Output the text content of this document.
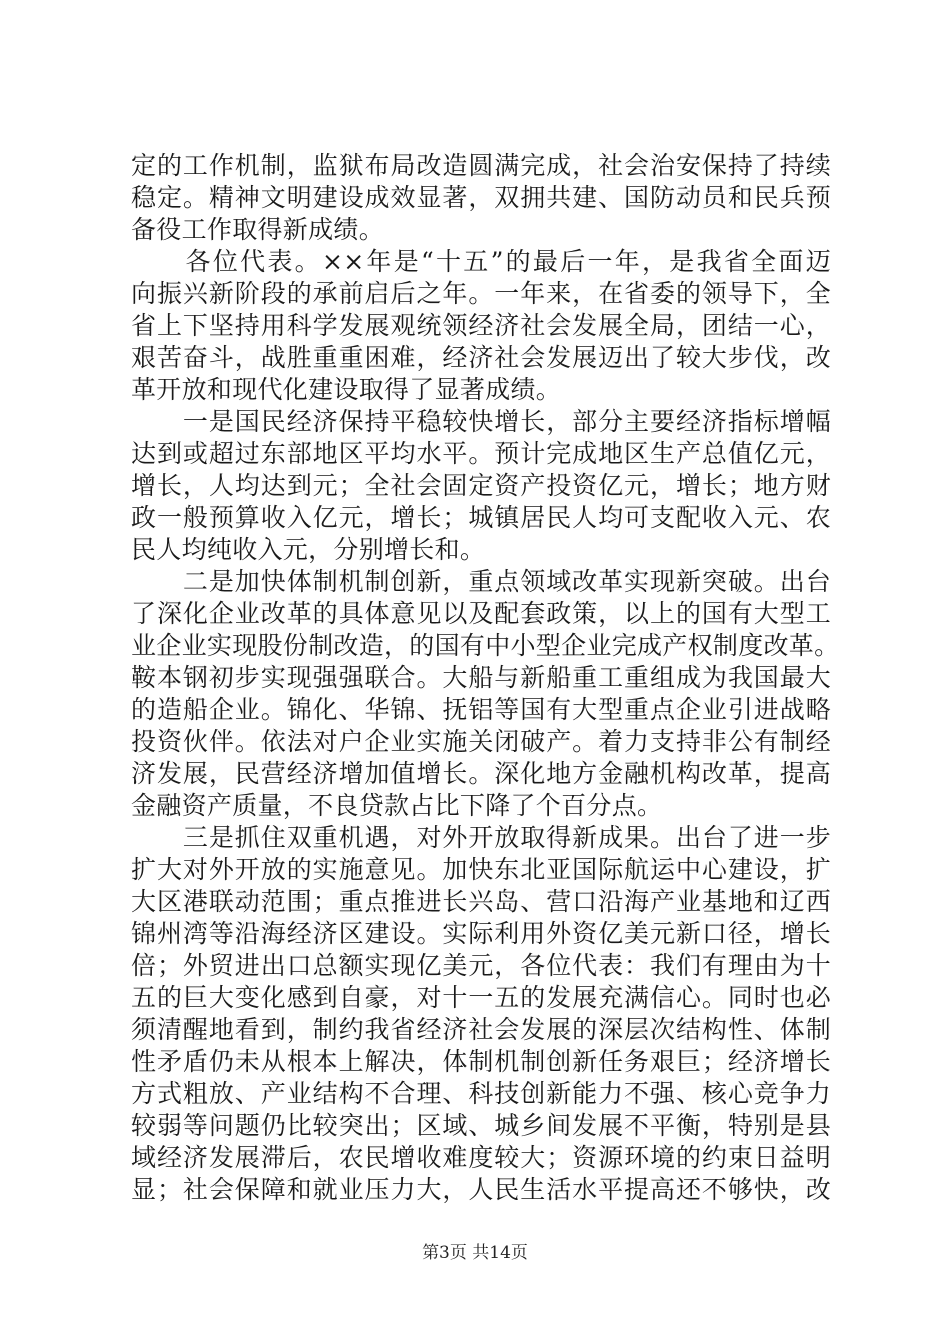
定的工作机制，监狱布局改造圆满完成，社会治安保持了持续
稳定。精神文明建设成效显著，双拥共建、国防动员和民兵预
备役工作取得新成绩。
　　各位代表。××年是“十五”的最后一年，是我省全面迈
向振兴新阶段的承前启后之年。一年来，在省委的领导下，全
省上下坚持用科学发展观统领经济社会发展全局，团结一心，
艰苦奋斗，战胜重重困难，经济社会发展迈出了较大步伐，改
革开放和现代化建设取得了显著成绩。
　　一是国民经济保持平稳较快增长，部分主要经济指标增幅
达到或超过东部地区平均水平。预计完成地区生产总值亿元，
增长，人均达到元；全社会固定资产投资亿元，增长；地方财
政一般预算收入亿元，增长；城镇居民人均可支配收入元、农
民人均纯收入元，分别增长和。
　　二是加快体制机制创新，重点领域改革实现新突破。出台
了深化企业改革的具体意见以及配套政策，以上的国有大型工
业企业实现股份制改造，的国有中小型企业完成产权制度改革。
鞍本钢初步实现强强联合。大船与新船重工重组成为我国最大
的造船企业。锦化、华锦、抚铝等国有大型重点企业引进战略
投资伙伴。依法对户企业实施关闭破产。着力支持非公有制经
济发展，民营经济增加值增长。深化地方金融机构改革，提高
金融资产质量，不良贷款占比下降了个百分点。
　　三是抓住双重机遇，对外开放取得新成果。出台了进一步
扩大对外开放的实施意见。加快东北亚国际航运中心建设，扩
大区港联动范围；重点推进长兴岛、营口沿海产业基地和辽西
锦州湾等沿海经济区建设。实际利用外资亿美元新口径，增长
倍；外贸进出口总额实现亿美元，各位代表：我们有理由为十
五的巨大变化感到自豪，对十一五的发展充满信心。同时也必
须清醒地看到，制约我省经济社会发展的深层次结构性、体制
性矛盾仍未从根本上解决，体制机制创新任务艰巨；经济增长
方式粗放、产业结构不合理、科技创新能力不强、核心竞争力
较弱等问题仍比较突出；区域、城乡间发展不平衡，特别是县
域经济发展滞后，农民增收难度较大；资源环境的约束日益明
显；社会保障和就业压力大，人民生活水平提高还不够快，改
第3页 共14页
